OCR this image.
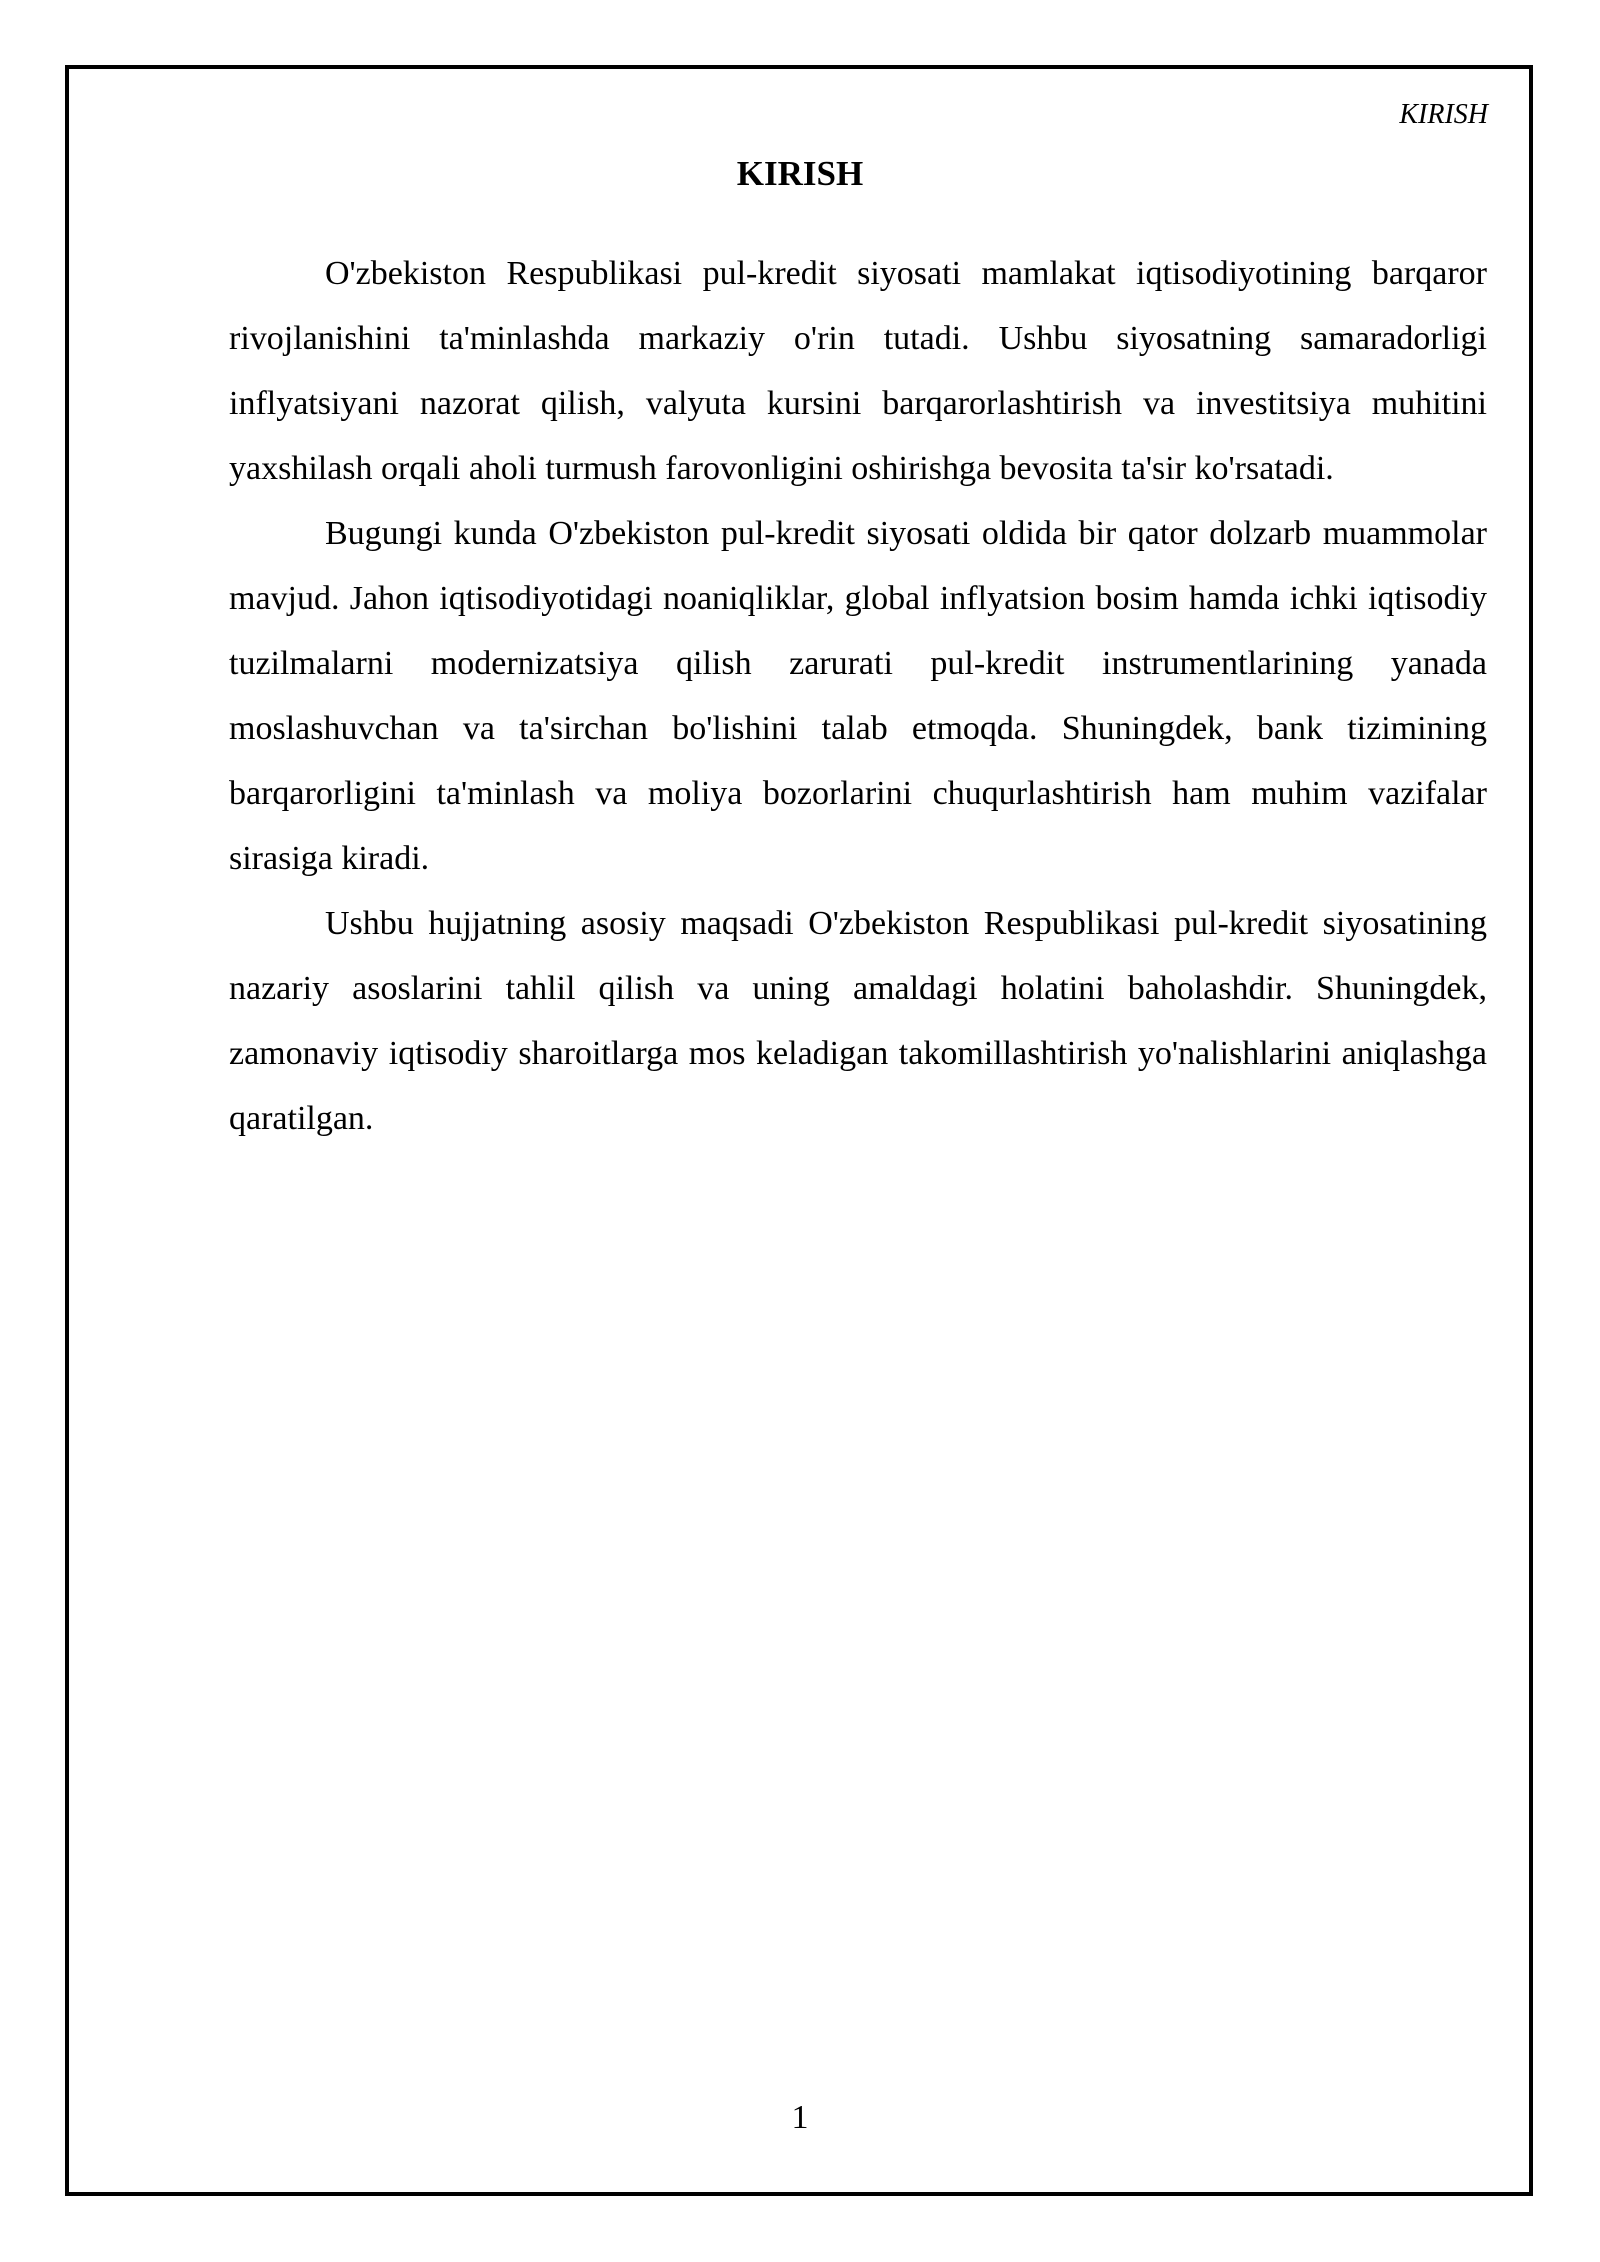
KIRISH
KIRISH

O'zbekiston Respublikasi pul-kredit siyosati mamlakat iqtisodiyotining barqaror rivojlanishini ta'minlashda markaziy o'rin tutadi. Ushbu siyosatning samaradorligi inflyatsiyani nazorat qilish, valyuta kursini barqarorlashtirish va investitsiya muhitini yaxshilash orqali aholi turmush farovonligini oshirishga bevosita ta'sir ko'rsatadi.

Bugungi kunda O'zbekiston pul-kredit siyosati oldida bir qator dolzarb muammolar mavjud. Jahon iqtisodiyotidagi noaniqliklar, global inflyatsion bosim hamda ichki iqtisodiy tuzilmalarni modernizatsiya qilish zarurati pul-kredit instrumentlarining yanada moslashuvchan va ta'sirchan bo'lishini talab etmoqda. Shuningdek, bank tizimining barqarorligini ta'minlash va moliya bozorlarini chuqurlashtirish ham muhim vazifalar sirasiga kiradi.

Ushbu hujjatning asosiy maqsadi O'zbekiston Respublikasi pul-kredit siyosatining nazariy asoslarini tahlil qilish va uning amaldagi holatini baholashdir. Shuningdek, zamonaviy iqtisodiy sharoitlarga mos keladigan takomillashtirish yo'nalishlarini aniqlashga qaratilgan.

1
